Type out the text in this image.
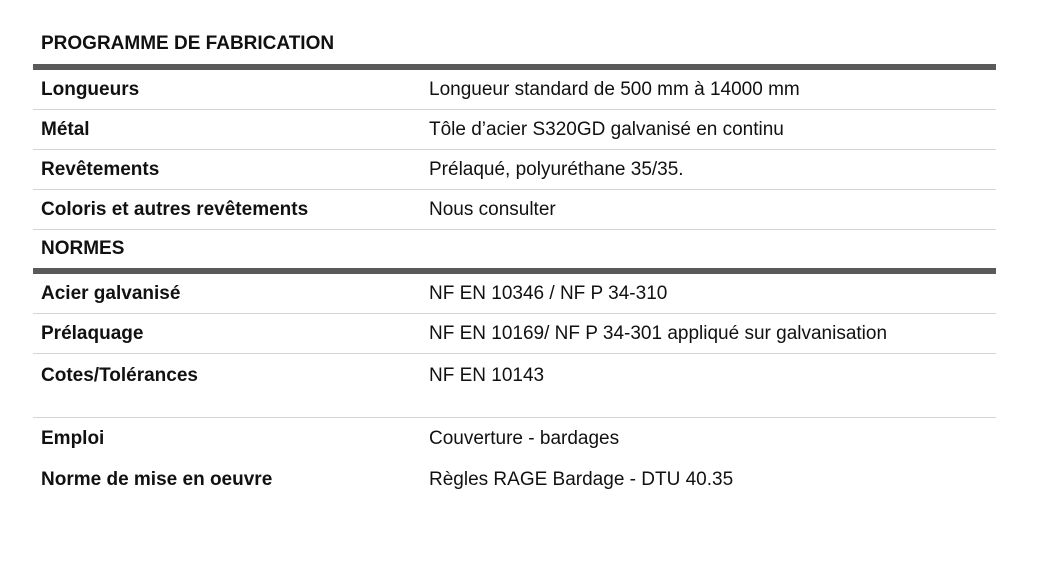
PROGRAMME DE FABRICATION
Longueurs	Longueur standard de 500 mm à 14000 mm
Métal	Tôle d’acier S320GD galvanisé en continu
Revêtements	Prélaqué, polyuréthane 35/35.
Coloris et autres revêtements	Nous consulter
NORMES
Acier galvanisé	NF EN 10346 / NF P 34-310
Prélaquage	NF EN 10169/ NF P 34-301 appliqué sur galvanisation
Cotes/Tolérances	NF EN 10143
Emploi	Couverture - bardages
Norme de mise en oeuvre	Règles RAGE Bardage - DTU 40.35
